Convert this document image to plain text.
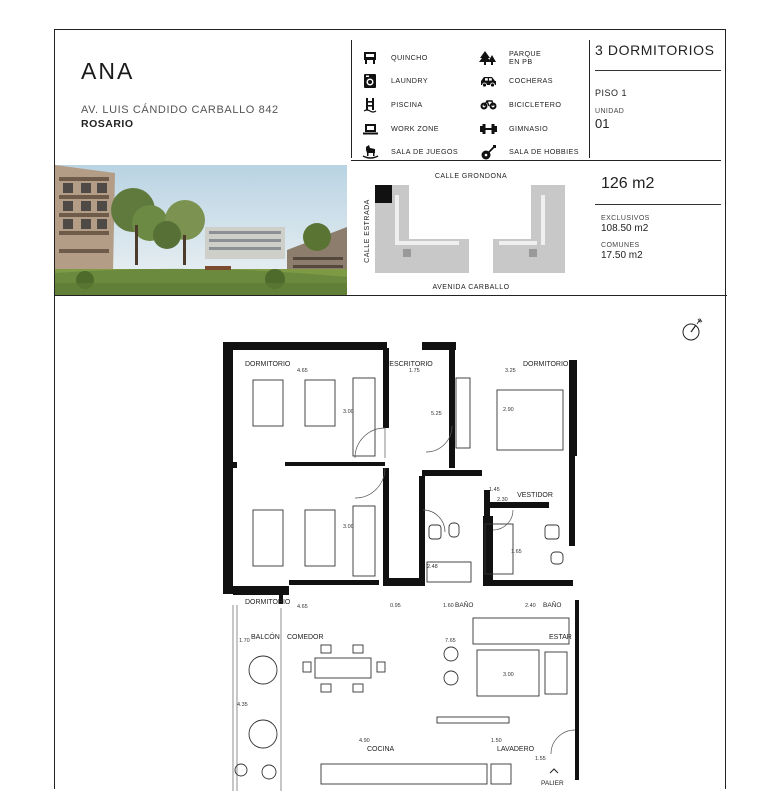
ANA
AV. LUIS CÁNDIDO CARBALLO 842
ROSARIO
QUINCHO
LAUNDRY
PISCINA
WORK ZONE
SALA DE JUEGOS
PARQUE
EN PB
COCHERAS
BICICLETERO
GIMNASIO
SALA DE HOBBIES
3 DORMITORIOS
PISO 1
UNIDAD
01
CALLE GRONDONA
AVENIDA CARBALLO
CALLE ESTRADA
126 m2
EXCLUSIVOS
108.50 m2
COMUNES
17.50 m2
DORMITORIO	ESCRITORIO	DORMITORIO
VESTIDOR
DORMITORIO	BAÑO	BAÑO
BALCÓN COMEDOR	ESTAR
COCINA	LAVADERO
PALIER
4.65
3.00
1.75
5.25
3.25
2.90
2.30
1.45
3.00
4.65
2.48
1.60
1.65
2.40
0.95
7.65
1.70
4.35
3.00
4.90	1.50
1.55
